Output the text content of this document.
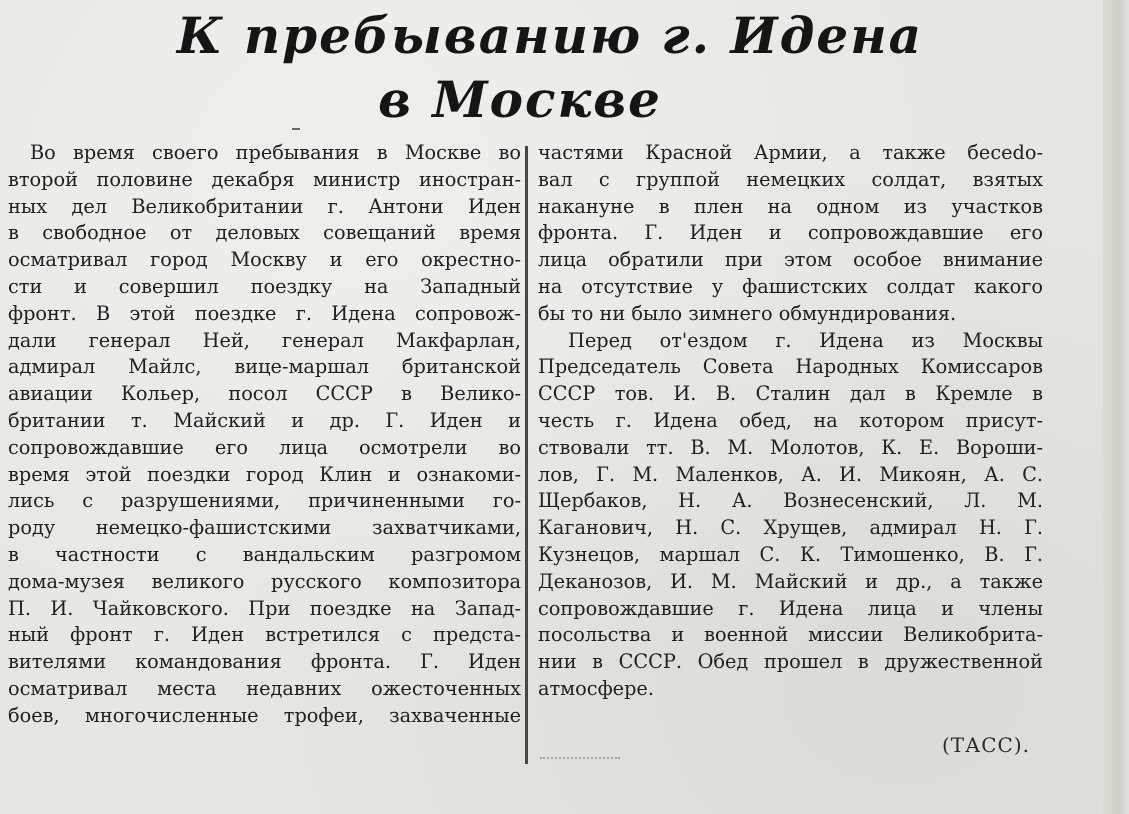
К пребыванию г. Идена
в Москве
Во время своего пребывания в Москве во
второй половине декабря министр иностран-
ных дел Великобритании г. Антони Иден
в свободное от деловых совещаний время
осматривал город Москву и его окрестно-
сти и совершил поездку на Западный
фронт. В этой поездке г. Идена сопровож-
дали генерал Ней, генерал Макфарлан,
адмирал Майлс, вице-маршал британской
авиации Кольер, посол СССР в Велико-
британии т. Майский и др. Г. Иден и
сопровождавшие его лица осмотрели во
время этой поездки город Клин и ознакоми-
лись с разрушениями, причиненными го-
роду немецко-фашистскими захватчиками,
в частности с вандальским разгромом
дома-музея великого русского композитора
П. И. Чайковского. При поездке на Запад-
ный фронт г. Иден встретился с предста-
вителями командования фронта. Г. Иден
осматривал места недавних ожесточенных
боев, многочисленные трофеи, захваченные
частями Красной Армии, а также бесedo-
вал с группой немецких солдат, взятых
накануне в плен на одном из участков
фронта. Г. Иден и сопровождавшие его
лица обратили при этом особое внимание
на отсутствие у фашистских солдат какого
бы то ни было зимнего обмундирования.
Перед от'ездом г. Идена из Москвы
Председатель Совета Народных Комиссаров
СССР тов. И. В. Сталин дал в Кремле в
честь г. Идена обед, на котором присут-
ствовали тт. В. М. Молотов, К. Е. Вороши-
лов, Г. М. Маленков, А. И. Микоян, А. С.
Щербаков, Н. А. Вознесенский, Л. М.
Каганович, Н. С. Хрущев, адмирал Н. Г.
Кузнецов, маршал С. К. Тимошенко, В. Г.
Деканозов, И. М. Майский и др., а также
сопровождавшие г. Идена лица и члены
посольства и военной миссии Великобрита-
нии в СССР. Обед прошел в дружественной
атмосфере.
(ТАСС).
